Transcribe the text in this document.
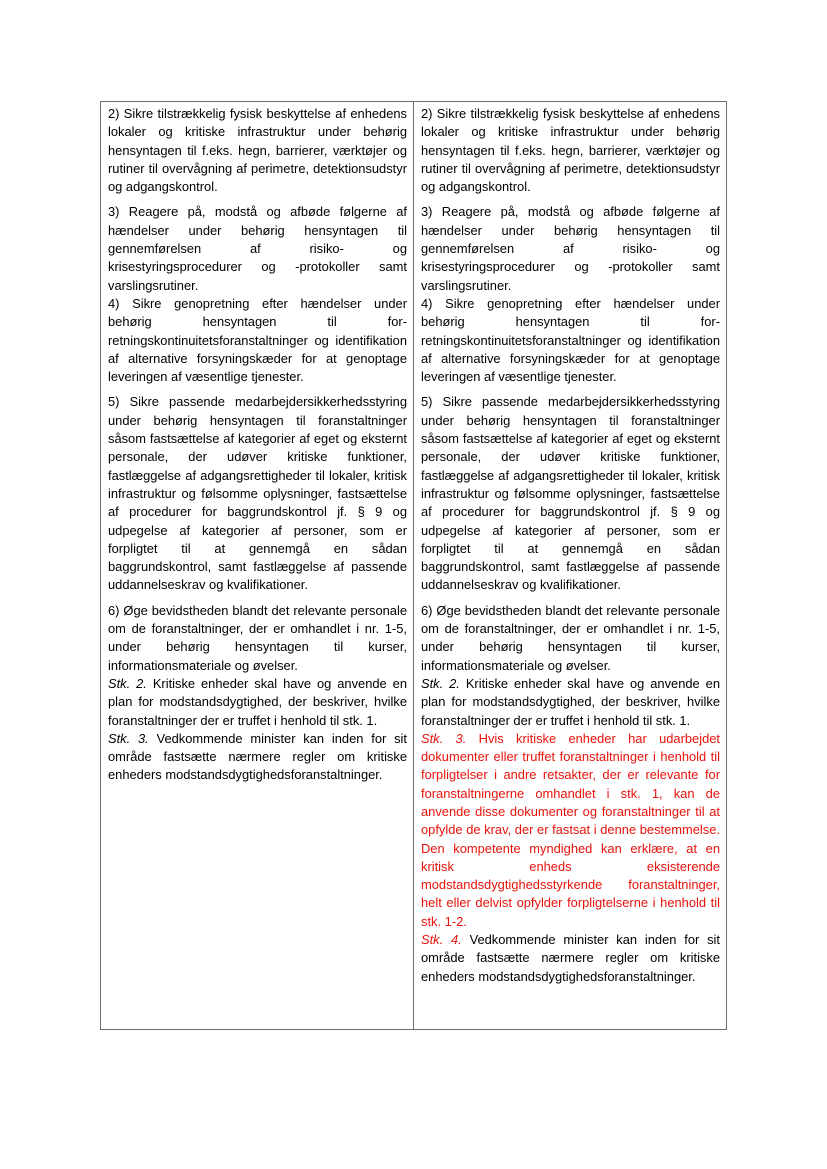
2) Sikre tilstrækkelig fysisk beskyttelse af enhedens lokaler og kritiske infrastruktur under behørig hensyntagen til f.eks. hegn, barrierer, værktøjer og rutiner til overvågning af perimetre, detektionsudstyr og adgangskontrol.

3) Reagere på, modstå og afbøde følgerne af hændelser under behørig hensyntagen til gennemførelsen af risiko- og krisestyringsprocedurer og -protokoller samt varslingsrutiner.

4) Sikre genopretning efter hændelser under behørig hensyntagen til for-retningskontinuitetsforanstaltninger og identifikation af alternative forsyningskæder for at genoptage leveringen af væsentlige tjenester.

5) Sikre passende medarbejdersikkerhedsstyring under behørig hensyntagen til foranstaltninger såsom fastsættelse af kategorier af eget og eksternt personale, der udøver kritiske funktioner, fastlæggelse af adgangsrettigheder til lokaler, kritisk infrastruktur og følsomme oplysninger, fastsættelse af procedurer for baggrundskontrol jf. § 9 og udpegelse af kategorier af personer, som er forpligtet til at gennemgå en sådan baggrundskontrol, samt fastlæggelse af passende uddannelseskrav og kvalifikationer.

6) Øge bevidstheden blandt det relevante personale om de foranstaltninger, der er omhandlet i nr. 1-5, under behørig hensyntagen til kurser, informationsmateriale og øvelser.

Stk. 2. Kritiske enheder skal have og anvende en plan for modstandsdygtighed, der beskriver, hvilke foranstaltninger der er truffet i henhold til stk. 1.

Stk. 3. Vedkommende minister kan inden for sit område fastsætte nærmere regler om kritiske enheders modstandsdygtighedsforanstaltninger.

2) Sikre tilstrækkelig fysisk beskyttelse af enhedens lokaler og kritiske infrastruktur under behørig hensyntagen til f.eks. hegn, barrierer, værktøjer og rutiner til overvågning af perimetre, detektionsudstyr og adgangskontrol.

3) Reagere på, modstå og afbøde følgerne af hændelser under behørig hensyntagen til gennemførelsen af risiko- og krisestyringsprocedurer og -protokoller samt varslingsrutiner.

4) Sikre genopretning efter hændelser under behørig hensyntagen til for-retningskontinuitetsforanstaltninger og identifikation af alternative forsyningskæder for at genoptage leveringen af væsentlige tjenester.

5) Sikre passende medarbejdersikkerhedsstyring under behørig hensyntagen til foranstaltninger såsom fastsættelse af kategorier af eget og eksternt personale, der udøver kritiske funktioner, fastlæggelse af adgangsrettigheder til lokaler, kritisk infrastruktur og følsomme oplysninger, fastsættelse af procedurer for baggrundskontrol jf. § 9 og udpegelse af kategorier af personer, som er forpligtet til at gennemgå en sådan baggrundskontrol, samt fastlæggelse af passende uddannelseskrav og kvalifikationer.

6) Øge bevidstheden blandt det relevante personale om de foranstaltninger, der er omhandlet i nr. 1-5, under behørig hensyntagen til kurser, informationsmateriale og øvelser.

Stk. 2. Kritiske enheder skal have og anvende en plan for modstandsdygtighed, der beskriver, hvilke foranstaltninger der er truffet i henhold til stk. 1.

Stk. 3. Hvis kritiske enheder har udarbejdet dokumenter eller truffet foranstaltninger i henhold til forpligtelser i andre retsakter, der er relevante for foranstaltningerne omhandlet i stk. 1, kan de anvende disse dokumenter og foranstaltninger til at opfylde de krav, der er fastsat i denne bestemmelse. Den kompetente myndighed kan erklære, at en kritisk enheds eksisterende modstandsdygtighedsstyrkende foranstaltninger, helt eller delvist opfylder forpligtelserne i henhold til stk. 1-2.

Stk. 4. Vedkommende minister kan inden for sit område fastsætte nærmere regler om kritiske enheders modstandsdygtighedsforanstaltninger.
